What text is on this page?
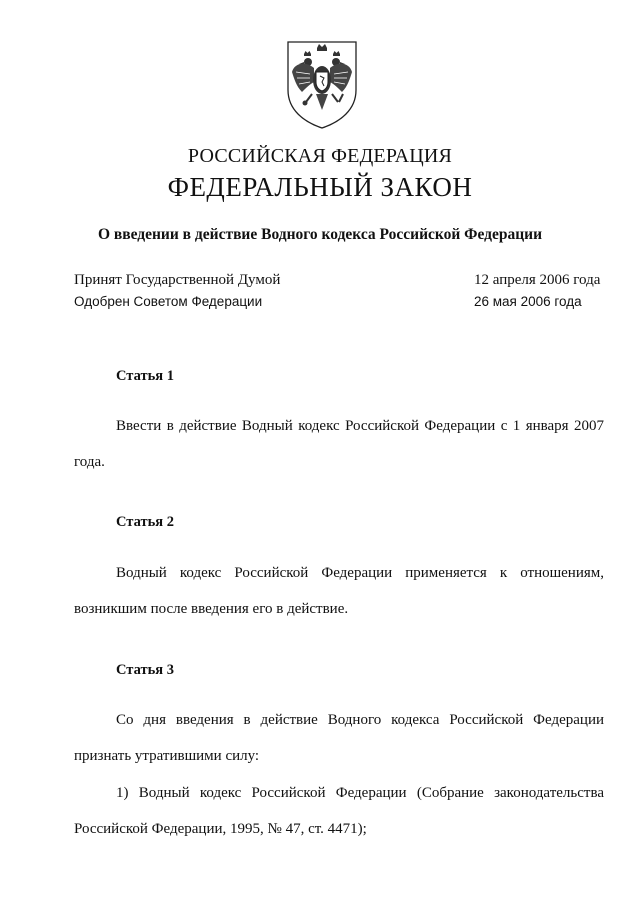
РОССИЙСКАЯ ФЕДЕРАЦИЯ
ФЕДЕРАЛЬНЫЙ ЗАКОН
О введении в действие Водного кодекса Российской Федерации
Принят Государственной Думой	12 апреля 2006 года
Одобрен Советом Федерации	26 мая 2006 года
Статья 1

Ввести в действие Водный кодекс Российской Федерации с 1 января 2007 года.

Статья 2

Водный кодекс Российской Федерации применяется к отношениям, возникшим после введения его в действие.

Статья 3

Со дня введения в действие Водного кодекса Российской Федерации признать утратившими силу:

1) Водный кодекс Российской Федерации (Собрание законодательства Российской Федерации, 1995, № 47, ст. 4471);
